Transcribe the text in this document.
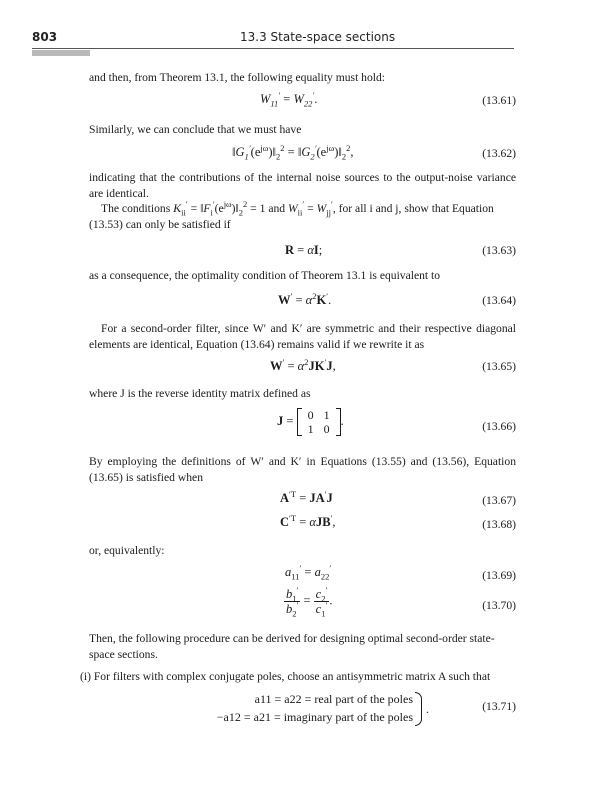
803	13.3 State-space sections
and then, from Theorem 13.1, the following equality must hold:
$W_{11}' = W_{22}'$.	(13.61)
Similarly, we can conclude that we must have
$‖G_1'(e^{j\omega})‖_2^2$ = $‖G_2'(e^{j\omega})‖_2^2$,	(13.62)
indicating that the contributions of the internal noise sources to the output-noise variance are identical.
The conditions $K_{ii}'$ = $‖F_i'(e^{j\omega})‖_2^2 = 1$ and $W_{ii}' = W_{jj}'$, for all i and j, show that Equation (13.53) can only be satisfied if
R = αI;	(13.63)
as a consequence, the optimality condition of Theorem 13.1 is equivalent to
$W' = \alpha^2K'$.	(13.64)
For a second-order filter, since W′ and K′ are symmetric and their respective diagonal elements are identical, Equation (13.64) remains valid if we rewrite it as
$W' = \alpha^2JK'J$,	(13.65)
where J is the reverse identity matrix defined as
J = 0	1
1	0
.	(13.66)
By employing the definitions of W′ and K′ in Equations (13.55) and (13.56), Equation (13.65) is satisfied when
$A^{'T} = JA'J$	(13.67)
$C^{'T} = \alpha JB'$,	(13.68)
or, equivalently:
$a_{11}' = a_{22}'$
(13.69)
$\frac{b_1'}{b_2'} = \frac{c_2'}{c_1'}$ .	(13.70)
Then, the following procedure can be derived for designing optimal second-order state-space sections.
(i) For filters with complex conjugate poles, choose an antisymmetric matrix A such that
a11 = a22 = real part of the poles
−a12 = a21 = imaginary part of the poles
.	(13.71)
